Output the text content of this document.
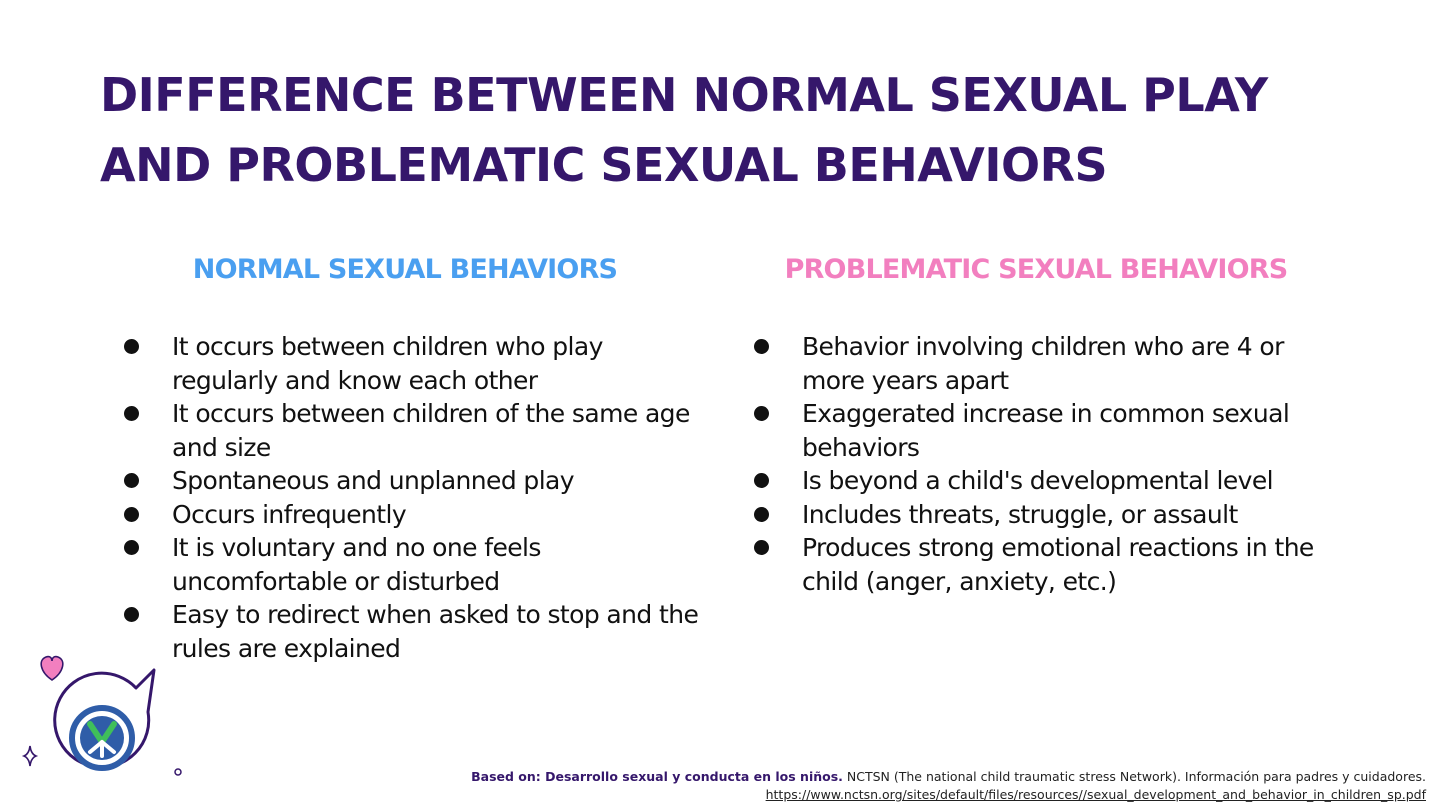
DIFFERENCE BETWEEN NORMAL SEXUAL PLAY AND PROBLEMATIC SEXUAL BEHAVIORS
NORMAL SEXUAL BEHAVIORS	PROBLEMATIC SEXUAL BEHAVIORS
It occurs between children who play regularly and know each other
It occurs between children of the same age and size
Spontaneous and unplanned play
Occurs infrequently
It is voluntary and no one feels uncomfortable or disturbed
Easy to redirect when asked to stop and the rules are explained
Behavior involving children who are 4 or more years apart
Exaggerated increase in common sexual behaviors
Is beyond a child's developmental level
Includes threats, struggle, or assault
Produces strong emotional reactions in the child (anger, anxiety, etc.)
Based on: Desarrollo sexual y conducta en los niños. NCTSN (The national child traumatic stress Network). Información para padres y cuidadores.
https://www.nctsn.org/sites/default/files/resources//sexual_development_and_behavior_in_children_sp.pdf
